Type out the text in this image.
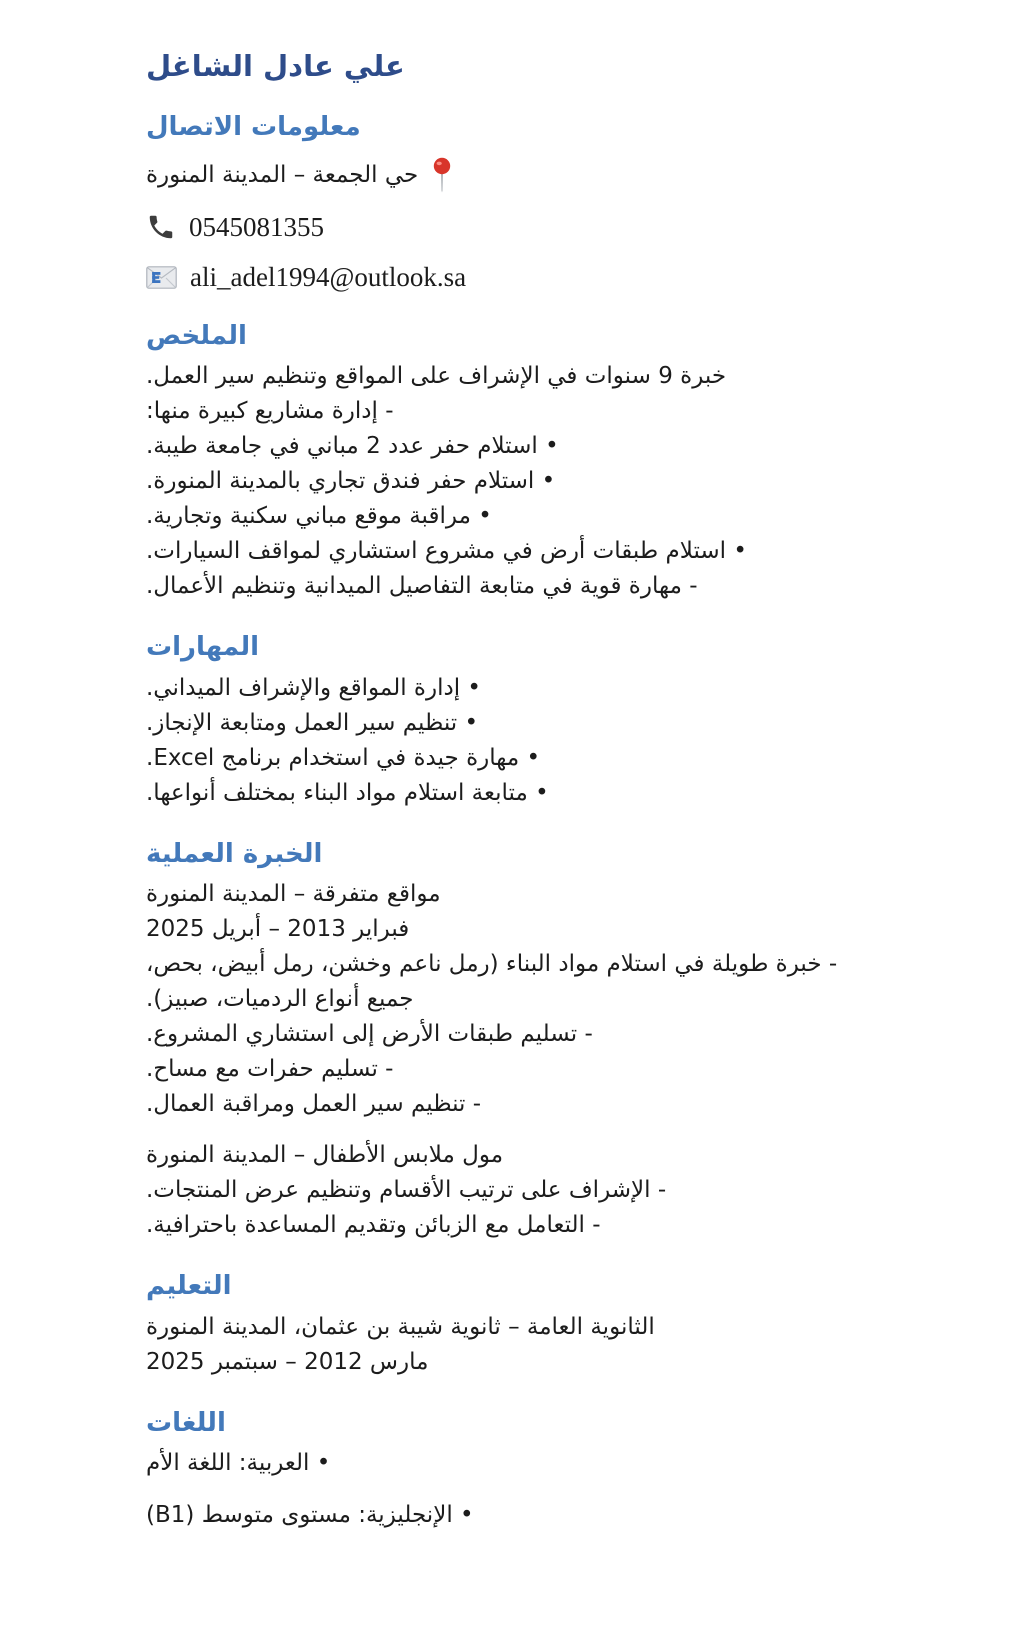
علي عادل الشاغل
معلومات الاتصال
حي الجمعة – المدينة المنورة
0545081355
ali_adel1994@outlook.sa
الملخص

خبرة 9 سنوات في الإشراف على المواقع وتنظيم سير العمل.

- إدارة مشاريع كبيرة منها:

• استلام حفر عدد 2 مباني في جامعة طيبة.

• استلام حفر فندق تجاري بالمدينة المنورة.

• مراقبة موقع مباني سكنية وتجارية.

• استلام طبقات أرض في مشروع استشاري لمواقف السيارات.

- مهارة قوية في متابعة التفاصيل الميدانية وتنظيم الأعمال.

المهارات

• إدارة المواقع والإشراف الميداني.

• تنظيم سير العمل ومتابعة الإنجاز.

• مهارة جيدة في استخدام برنامج Excel.

• متابعة استلام مواد البناء بمختلف أنواعها.

الخبرة العملية

مواقع متفرقة – المدينة المنورة

فبراير 2013 – أبريل 2025

- خبرة طويلة في استلام مواد البناء (رمل ناعم وخشن، رمل أبيض، بحص، جميع أنواع الردميات، صبيز).

- تسليم طبقات الأرض إلى استشاري المشروع.

- تسليم حفرات مع مساح.

- تنظيم سير العمل ومراقبة العمال.

مول ملابس الأطفال – المدينة المنورة

- الإشراف على ترتيب الأقسام وتنظيم عرض المنتجات.

- التعامل مع الزبائن وتقديم المساعدة باحترافية.

التعليم

الثانوية العامة – ثانوية شيبة بن عثمان، المدينة المنورة

مارس 2012 – سبتمبر 2025

اللغات

• العربية: اللغة الأم

• الإنجليزية: مستوى متوسط (B1)
